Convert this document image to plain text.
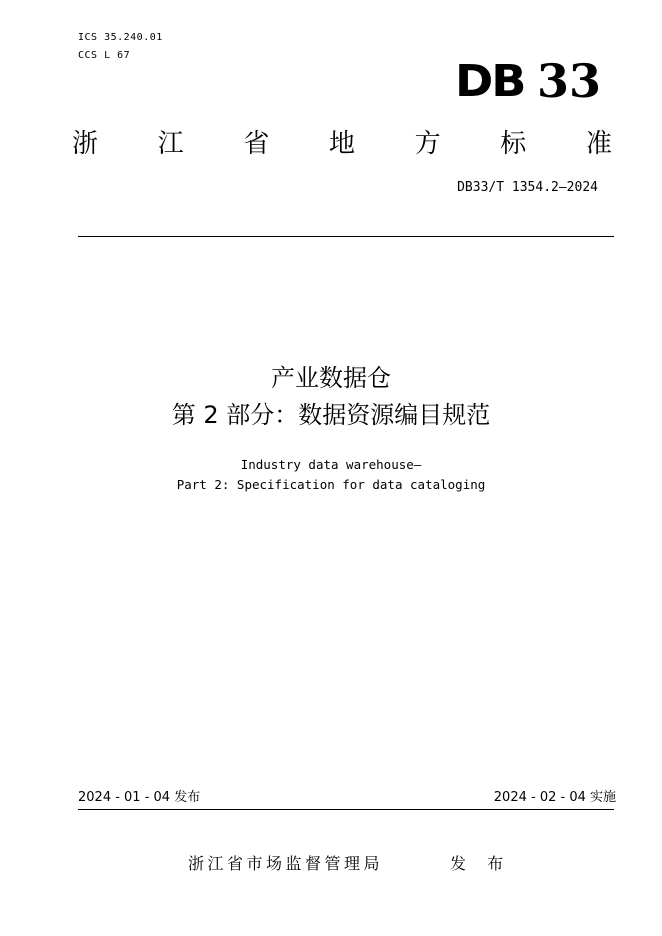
ICS 35.240.01
CCS L 67
DB 33
浙 江 省 地 方 标 准
DB33/T 1354.2—2024
产业数据仓
第 2 部分：数据资源编目规范
Industry data warehouse—
Part 2: Specification for data cataloging
2024 - 01 - 04 发布	2024 - 02 - 04 实施
浙江省市场监督管理局	发 布
